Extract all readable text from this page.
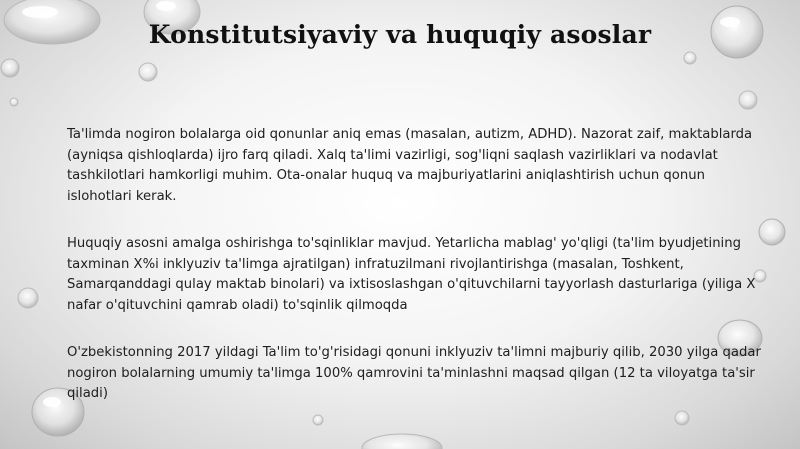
Konstitutsiyaviy va huquqiy asoslar

Ta'limda nogiron bolalarga oid qonunlar aniq emas (masalan, autizm, ADHD). Nazorat zaif, maktablarda (ayniqsa qishloqlarda) ijro farq qiladi. Xalq ta'limi vazirligi, sog'liqni saqlash vazirliklari va nodavlat tashkilotlari hamkorligi muhim. Ota-onalar huquq va majburiyatlarini aniqlashtirish uchun qonun islohotlari kerak.

Huquqiy asosni amalga oshirishga to'sqinliklar mavjud. Yetarlicha mablag' yo'qligi (ta'lim byudjetining taxminan X%i inklyuziv ta'limga ajratilgan) infratuzilmani rivojlantirishga (masalan, Toshkent, Samarqanddagi qulay maktab binolari) va ixtisoslashgan o'qituvchilarni tayyorlash dasturlariga (yiliga X nafar o'qituvchini qamrab oladi) to'sqinlik qilmoqda

O'zbekistonning 2017 yildagi Ta'lim to'g'risidagi qonuni inklyuziv ta'limni majburiy qilib, 2030 yilga qadar nogiron bolalarning umumiy ta'limga 100% qamrovini ta'minlashni maqsad qilgan (12 ta viloyatga ta'sir qiladi)
